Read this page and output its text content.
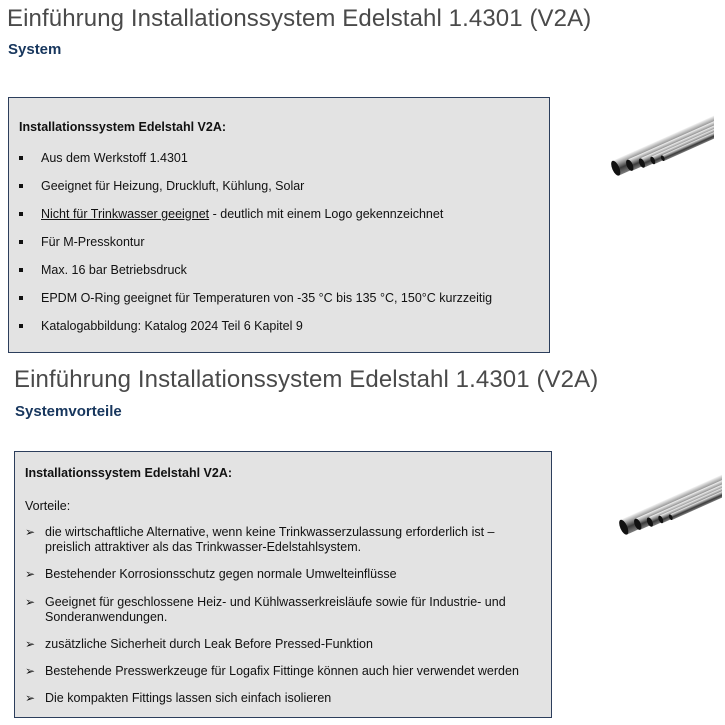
Einführung Installationssystem Edelstahl 1.4301 (V2A)
System
Installationssystem Edelstahl V2A:
Aus dem Werkstoff 1.4301
Geeignet für Heizung, Druckluft, Kühlung, Solar
Nicht für Trinkwasser geeignet - deutlich mit einem Logo gekennzeichnet
Für M-Presskontur
Max. 16 bar Betriebsdruck
EPDM O-Ring geeignet für Temperaturen von -35 °C bis 135 °C, 150°C kurzzeitig
Katalogabbildung: Katalog 2024 Teil 6 Kapitel 9
Einführung Installationssystem Edelstahl 1.4301 (V2A)
Systemvorteile
Installationssystem Edelstahl V2A:
Vorteile:
➢ die wirtschaftliche Alternative, wenn keine Trinkwasserzulassung erforderlich ist – preislich attraktiver als das Trinkwasser-Edelstahlsystem.
➢ Bestehender Korrosionsschutz gegen normale Umwelteinflüsse
➢ Geeignet für geschlossene Heiz- und Kühlwasserkreisläufe sowie für Industrie- und Sonderanwendungen.
➢ zusätzliche Sicherheit durch Leak Before Pressed-Funktion
➢ Bestehende Presswerkzeuge für Logafix Fittinge können auch hier verwendet werden
➢ Die kompakten Fittings lassen sich einfach isolieren
